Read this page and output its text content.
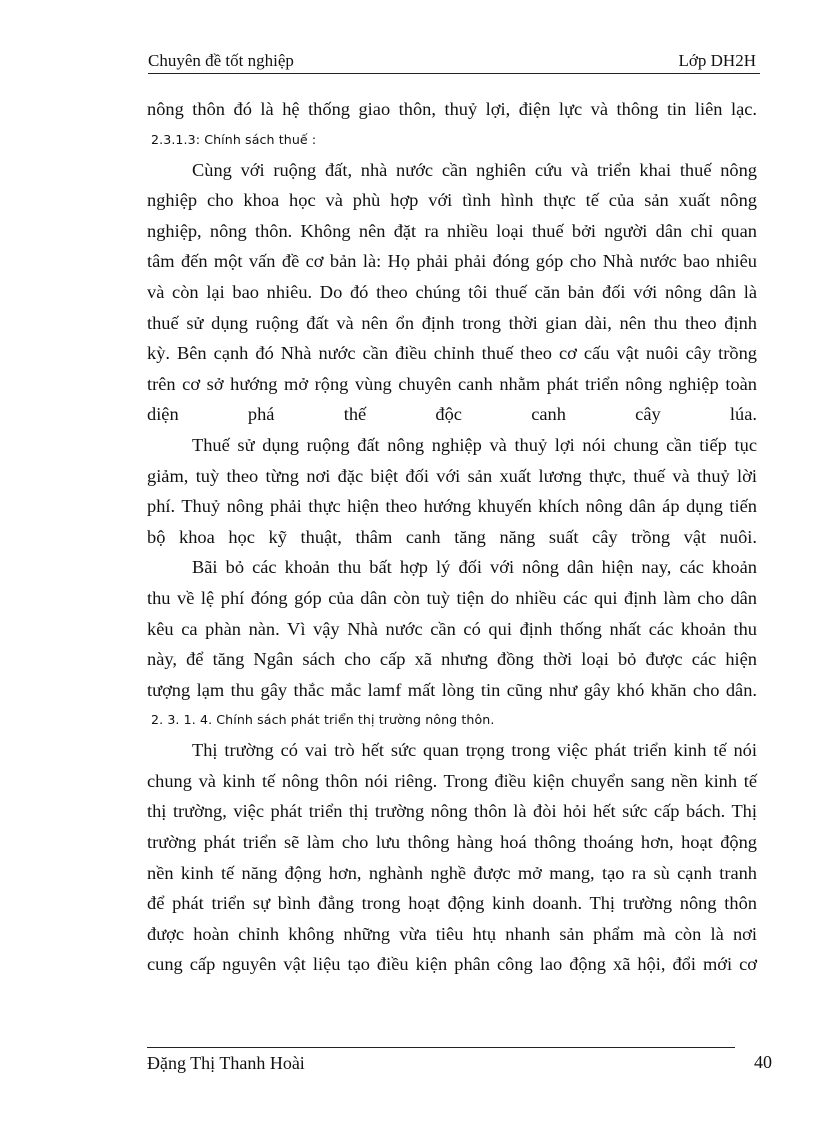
Chuyên đề tốt nghiệp	Lớp DH2H
nông thôn đó là hệ thống giao thôn, thuỷ lợi, điện lực và thông tin liên lạc.
2.3.1.3: Chính sách thuế :
Cùng với ruộng đất, nhà nước cần nghiên cứu và triển khai thuế nông
nghiệp cho khoa học và phù hợp với tình hình thực tế của sản xuất nông
nghiệp, nông thôn. Không nên đặt ra nhiều loại thuế bởi người dân chỉ quan
tâm đến một vấn đề cơ bản là: Họ phải phải đóng góp cho Nhà nước bao nhiêu
và còn lại bao nhiêu. Do đó theo chúng tôi thuế căn bản đối với nông dân là
thuế sử dụng ruộng đất và nên ổn định trong thời gian dài, nên thu theo định
kỳ. Bên cạnh đó Nhà nước cần điều chỉnh thuế theo cơ cấu vật nuôi cây trồng
trên cơ sở hướng mở rộng vùng chuyên canh nhằm phát triển nông nghiệp toàn
diện phá thế độc canh cây lúa.
Thuế sử dụng ruộng đất nông nghiệp và thuỷ lợi nói chung cần tiếp tục
giảm, tuỳ theo từng nơi đặc biệt đối với sản xuất lương thực, thuế và thuỷ lời
phí. Thuỷ nông phải thực hiện theo hướng khuyến khích nông dân áp dụng tiến
bộ khoa học kỹ thuật, thâm canh tăng năng suất cây trồng vật nuôi.
Bãi bỏ các khoản thu bất hợp lý đối với nông dân hiện nay, các khoản
thu về lệ phí đóng góp của dân còn tuỳ tiện do nhiều các qui định làm cho dân
kêu ca phàn nàn. Vì vậy Nhà nước cần có qui định thống nhất các khoản thu
này, để tăng Ngân sách cho cấp xã nhưng đồng thời loại bỏ được các hiện
tượng lạm thu gây thắc mắc lamf mất lòng tin cũng như gây khó khăn cho dân.
2. 3. 1. 4. Chính sách phát triển thị trường nông thôn.
Thị trường có vai trò hết sức quan trọng trong việc phát triển kinh tế nói
chung và kinh tế nông thôn nói riêng. Trong điều kiện chuyển sang nền kinh tế
thị trường, việc phát triển thị trường nông thôn là đòi hỏi hết sức cấp bách. Thị
trường phát triển sẽ làm cho lưu thông hàng hoá thông thoáng hơn, hoạt động
nền kinh tế năng động hơn, nghành nghề được mở mang, tạo ra sù cạnh tranh
để phát triển sự bình đẳng trong hoạt động kinh doanh. Thị trường nông thôn
được hoàn chỉnh không những vừa tiêu htụ nhanh sản phẩm mà còn là nơi
cung cấp nguyên vật liệu tạo điều kiện phân công lao động xã hội, đổi mới cơ
Đặng Thị Thanh Hoài	40
